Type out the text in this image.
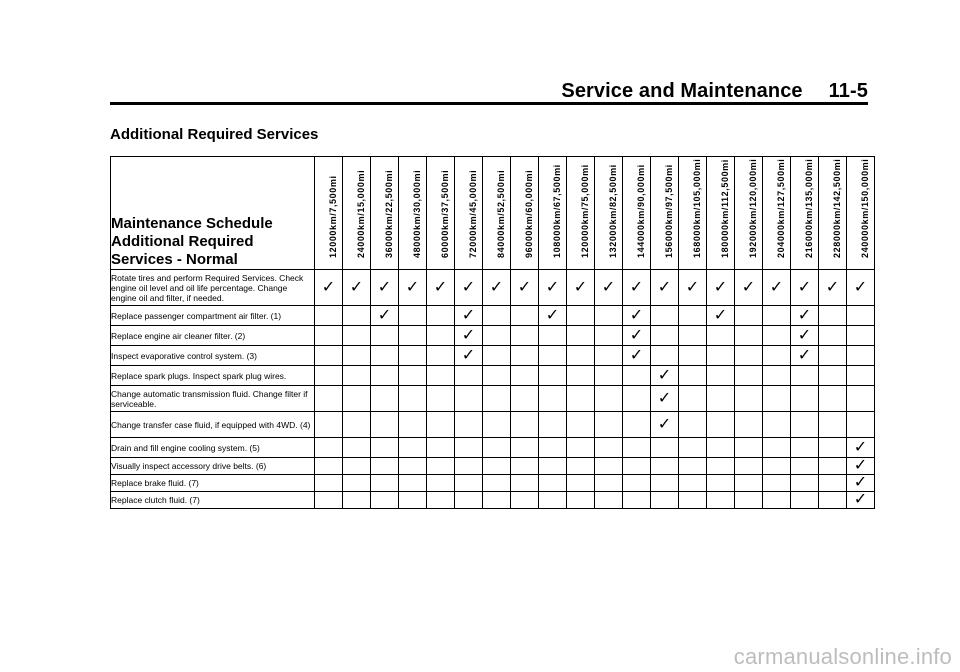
Service and Maintenance 11-5
Additional Required Services
Maintenance Schedule
Additional Required
Services - Normal	12000km/7,500mi	24000km/15,000mi	36000km/22,500mi	48000km/30,000mi	60000km/37,500mi	72000km/45,000mi	84000km/52,500mi	96000km/60,000mi	108000km/67,500mi	120000km/75,000mi	132000km/82,500mi	144000km/90,000mi	156000km/97,500mi	168000km/105,000mi	180000km/112,500mi	192000km/120,000mi	204000km/127,500mi	216000km/135,000mi	228000km/142,500mi	240000km/150,000mi

Rotate tires and perform Required Services. Check engine oil level and oil life percentage. Change engine oil and filter, if needed.	✓	✓	✓	✓	✓	✓	✓	✓	✓	✓	✓	✓	✓	✓	✓	✓	✓	✓	✓	✓
Replace passenger compartment air filter. (1)			✓			✓			✓			✓			✓			✓		
Replace engine air cleaner filter. (2)						✓						✓						✓		
Inspect evaporative control system. (3)						✓						✓						✓		
Replace spark plugs. Inspect spark plug wires.													✓							
Change automatic transmission fluid. Change filter if serviceable.													✓							
Change transfer case fluid, if equipped with 4WD. (4)													✓							
Drain and fill engine cooling system. (5)																				✓
Visually inspect accessory drive belts. (6)																				✓
Replace brake fluid. (7)																				✓
Replace clutch fluid. (7)																				✓
carmanualsonline.info
